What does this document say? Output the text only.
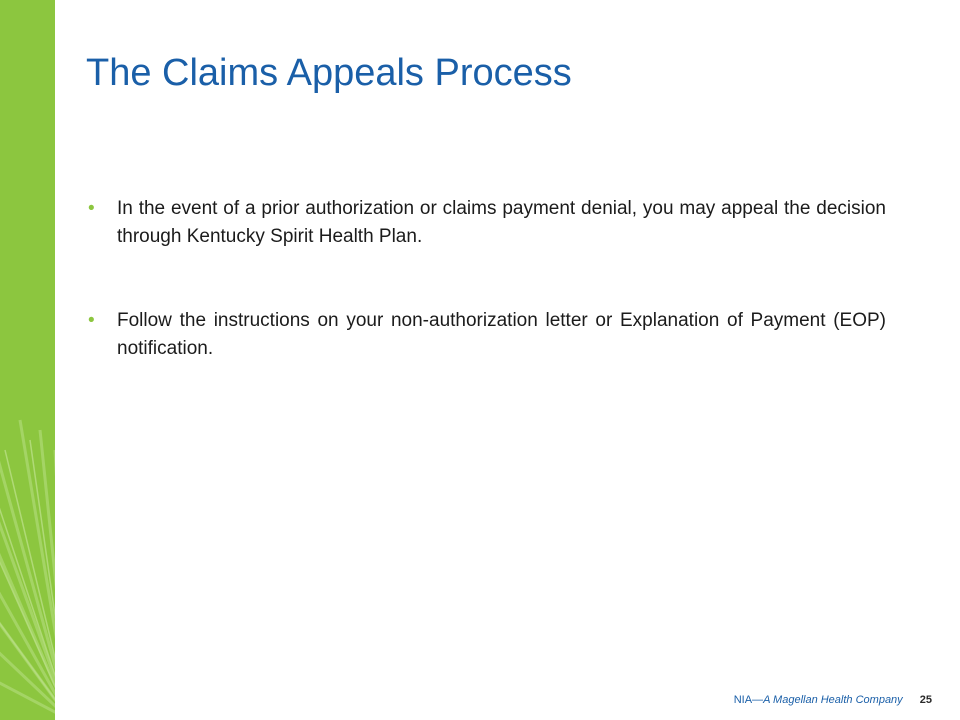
The Claims Appeals Process
• In the event of a prior authorization or claims payment denial, you may appeal the decision through Kentucky Spirit Health Plan.
• Follow the instructions on your non-authorization letter or Explanation of Payment (EOP) notification.
NIA—A Magellan Health Company 25
